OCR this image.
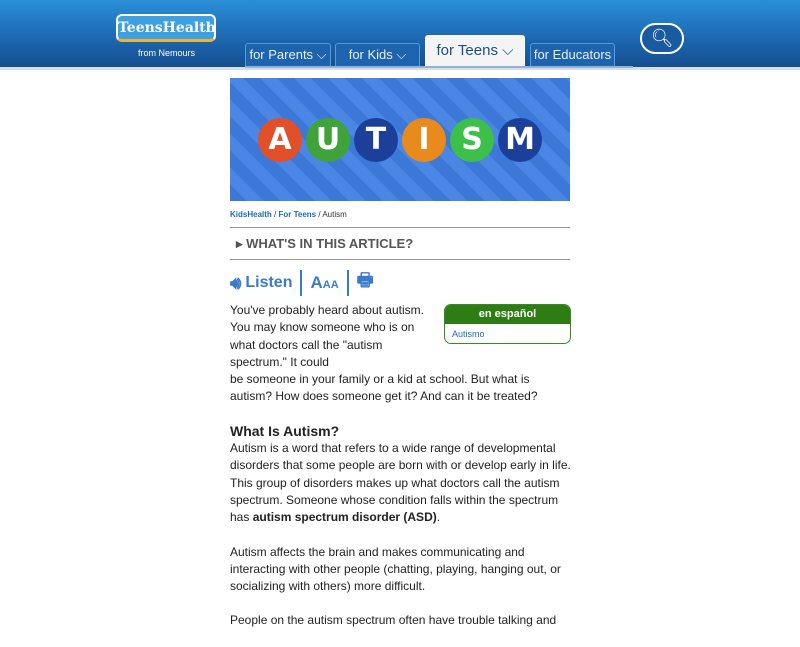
TeensHealth
from Nemours	for Parents ⌵	for Kids ⌵	for Teens ⌵	for Educators
🔍︎
A U T	I	S M
KidsHealth / For Teens / Autism
▸ WHAT'S IN THIS ARTICLE?
🔊︎ Listen AAA 🖶︎
en español
Autismo

You've probably heard about autism. You may know someone who is on what doctors call the "autism spectrum." It could

be someone in your family or a kid at school. But what is autism? How does someone get it? And can it be treated?

What Is Autism?

Autism is a word that refers to a wide range of developmental disorders that some people are born with or develop early in life. This group of disorders makes up what doctors call the autism spectrum. Someone whose condition falls within the spectrum has autism spectrum disorder (ASD).

Autism affects the brain and makes communicating and interacting with other people (chatting, playing, hanging out, or socializing with others) more difficult.

People on the autism spectrum often have trouble talking and
